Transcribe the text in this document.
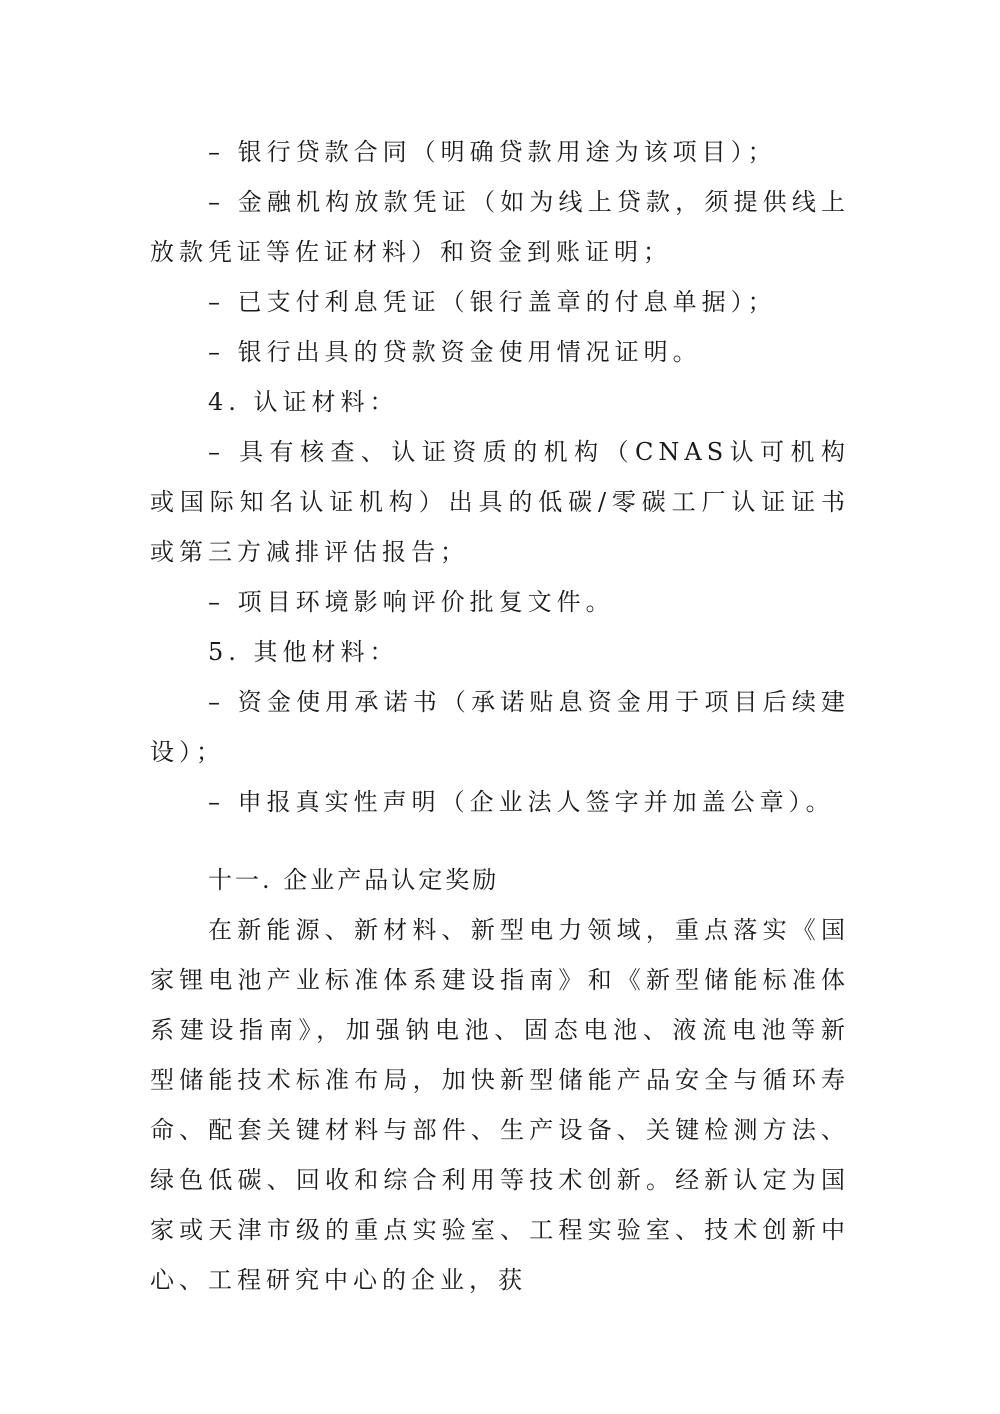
– 银行贷款合同（明确贷款用途为该项目）；

– 金融机构放款凭证（如为线上贷款，须提供线上放款凭证等佐证材料）和资金到账证明；

– 已支付利息凭证（银行盖章的付息单据）；

– 银行出具的贷款资金使用情况证明。

4. 认证材料：

– 具有核查、认证资质的机构（CNAS认可机构或国际知名认证机构）出具的低碳/零碳工厂认证证书或第三方减排评估报告；

– 项目环境影响评价批复文件。

5. 其他材料：

– 资金使用承诺书（承诺贴息资金用于项目后续建设）；

– 申报真实性声明（企业法人签字并加盖公章）。

十一. 企业产品认定奖励

在新能源、新材料、新型电力领域，重点落实《国家锂电池产业标准体系建设指南》和《新型储能标准体系建设指南》，加强钠电池、固态电池、液流电池等新型储能技术标准布局，加快新型储能产品安全与循环寿命、配套关键材料与部件、生产设备、关键检测方法、绿色低碳、回收和综合利用等技术创新。经新认定为国家或天津市级的重点实验室、工程实验室、技术创新中心、工程研究中心的企业，获
